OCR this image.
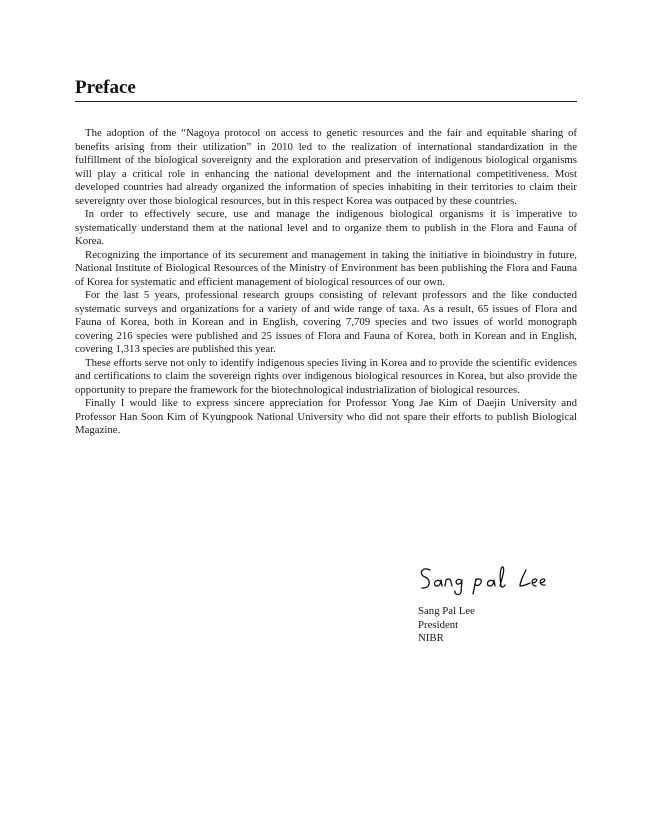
Preface

The adoption of the “Nagoya protocol on access to genetic resources and the fair and equitable sharing of benefits arising from their utilization” in 2010 led to the realization of international standardization in the fulfillment of the biological sovereignty and the exploration and preservation of indigenous biological organisms will play a critical role in enhancing the national development and the international competitiveness. Most developed countries had already organized the information of species inhabiting in their territories to claim their severeignty over those biological resources, but in this respect Korea was outpaced by these countries.

In order to effectively secure, use and manage the indigenous biological organisms it is imperative to systematically understand them at the national level and to organize them to publish in the Flora and Fauna of Korea.

Recognizing the importance of its securement and management in taking the initiative in bioindustry in future, National Institute of Biological Resources of the Ministry of Environment has been publishing the Flora and Fauna of Korea for systematic and efficient management of biological resources of our own.

For the last 5 years, professional research groups consisting of relevant professors and the like conducted systematic surveys and organizations for a variety of and wide range of taxa. As a result, 65 issues of Flora and Fauna of Korea, both in Korean and in English, covering 7,709 species and two issues of world monograph covering 216 species were published and 25 issues of Flora and Fauna of Korea, both in Korean and in English, covering 1,313 species are published this year.

These efforts serve not only to identify indigenous species living in Korea and to provide the scientific evidences and certifications to claim the sovereign rights over indigenous biological resources in Korea, but also provide the opportunity to prepare the framework for the biotechnological industrialization of biological resources.

Finally I would like to express sincere appreciation for Professor Yong Jae Kim of Daejin University and Professor Han Soon Kim of Kyungpook National University who did not spare their efforts to publish Biological Magazine.

Sang Pal Lee
President
NIBR
